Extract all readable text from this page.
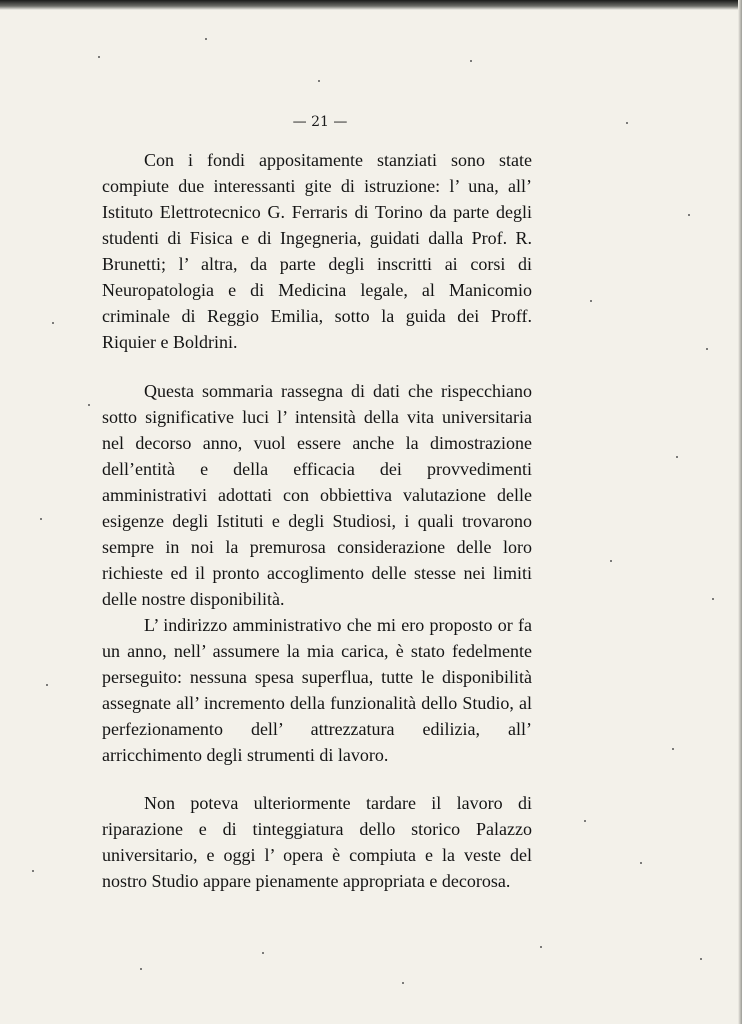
— 21 —

Con i fondi appositamente stanziati sono state compiute due interessanti gite di istruzione: l’ una, all’ Istituto Elettrotecnico G. Ferraris di Torino da parte degli studenti di Fisica e di Ingegneria, guidati dalla Prof. R. Brunetti; l’ altra, da parte degli inscritti ai corsi di Neuropatologia e di Medicina legale, al Manicomio criminale di Reggio Emilia, sotto la guida dei Proff. Riquier e Boldrini.

Questa sommaria rassegna di dati che rispecchiano sotto significative luci l’ intensità della vita universitaria nel decorso anno, vuol essere anche la dimostrazione dell’entità e della efficacia dei provvedimenti amministrativi adottati con obbiettiva valutazione delle esigenze degli Istituti e degli Studiosi, i quali trovarono sempre in noi la premurosa considerazione delle loro richieste ed il pronto accoglimento delle stesse nei limiti delle nostre disponibilità.

L’ indirizzo amministrativo che mi ero proposto or fa un anno, nell’ assumere la mia carica, è stato fedelmente perseguito: nessuna spesa superflua, tutte le disponibilità assegnate all’ incremento della funzionalità dello Studio, al perfezionamento dell’ attrezzatura edilizia, all’ arricchimento degli strumenti di lavoro.

Non poteva ulteriormente tardare il lavoro di riparazione e di tinteggiatura dello storico Palazzo universitario, e oggi l’ opera è compiuta e la veste del nostro Studio appare pienamente appropriata e decorosa.
